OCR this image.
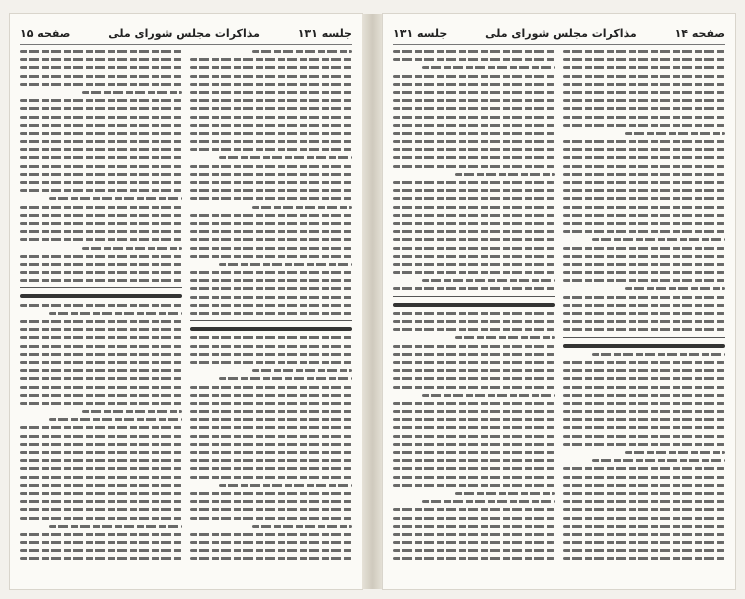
جلسه ۱۳۱
مذاکرات مجلس شورای ملی
صفحه ۱۵	صفحه ۱۴
مذاکرات مجلس شورای ملی
جلسه ۱۳۱
